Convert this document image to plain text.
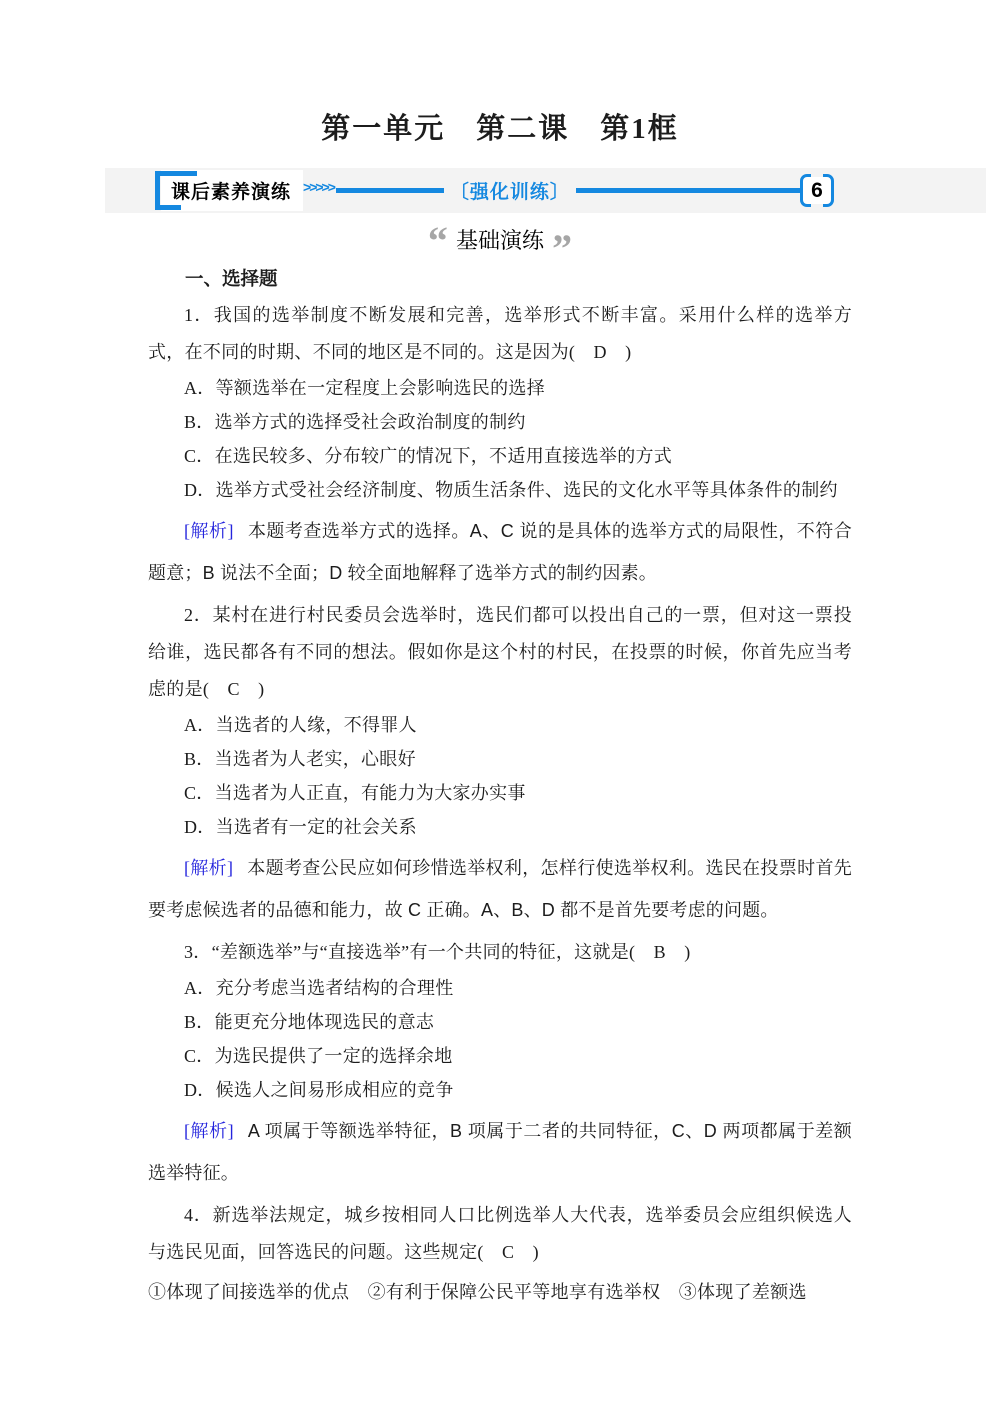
第一单元　第二课　第1框
课后素养演练 >>>>>	〔强化训练〕	6
“ 基础演练 ”
一、选择题

1．我国的选举制度不断发展和完善，选举形式不断丰富。采用什么样的选举方式，在不同的时期、不同的地区是不同的。这是因为(　D　)

A．等额选举在一定程度上会影响选民的选择
B．选举方式的选择受社会政治制度的制约
C．在选民较多、分布较广的情况下，不适用直接选举的方式
D．选举方式受社会经济制度、物质生活条件、选民的文化水平等具体条件的制约

[解析] 本题考查选举方式的选择。A、C 说的是具体的选举方式的局限性，不符合题意；B 说法不全面；D 较全面地解释了选举方式的制约因素。

2．某村在进行村民委员会选举时，选民们都可以投出自己的一票，但对这一票投给谁，选民都各有不同的想法。假如你是这个村的村民，在投票的时候，你首先应当考虑的是(　C　)

A．当选者的人缘，不得罪人
B．当选者为人老实，心眼好
C．当选者为人正直，有能力为大家办实事
D．当选者有一定的社会关系

[解析] 本题考查公民应如何珍惜选举权利，怎样行使选举权利。选民在投票时首先要考虑候选者的品德和能力，故 C 正确。A、B、D 都不是首先要考虑的问题。

3．“差额选举”与“直接选举”有一个共同的特征，这就是(　B　)

A．充分考虑当选者结构的合理性
B．能更充分地体现选民的意志
C．为选民提供了一定的选择余地
D．候选人之间易形成相应的竞争

[解析] A 项属于等额选举特征，B 项属于二者的共同特征，C、D 两项都属于差额选举特征。

4．新选举法规定，城乡按相同人口比例选举人大代表，选举委员会应组织候选人与选民见面，回答选民的问题。这些规定(　C　)

①体现了间接选举的优点　②有利于保障公民平等地享有选举权　③体现了差额选
